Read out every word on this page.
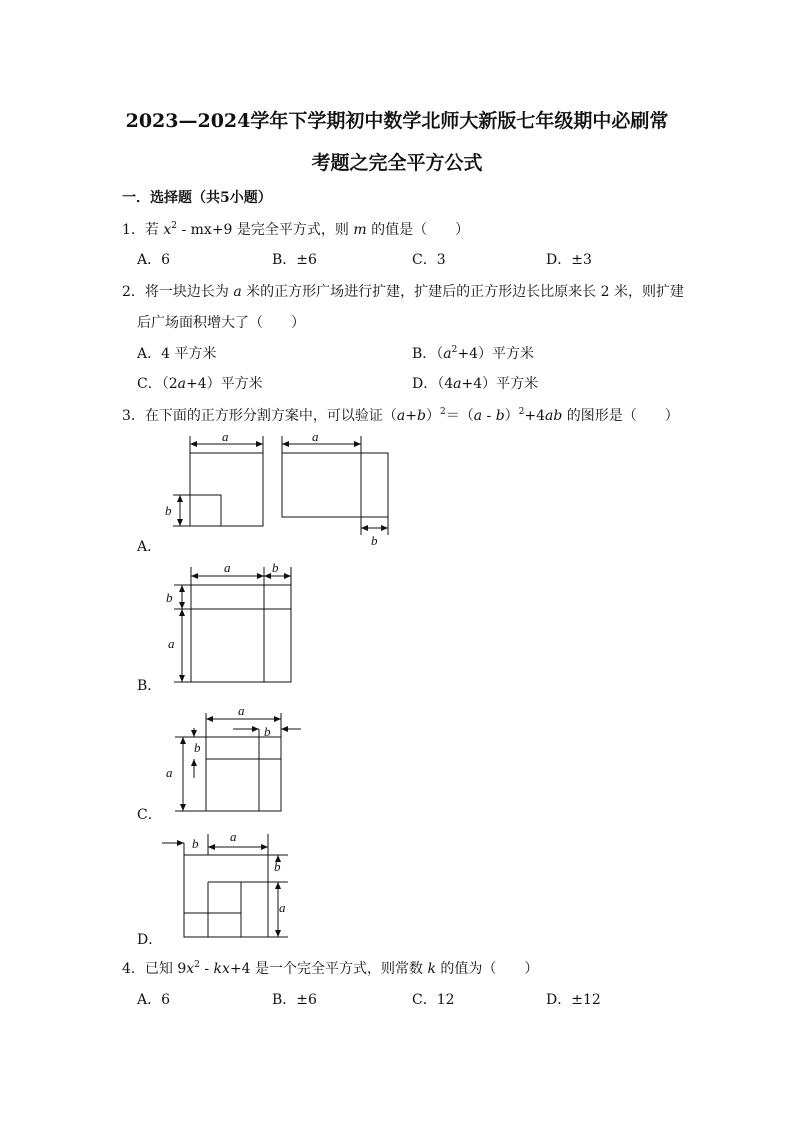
2023—2024学年下学期初中数学北师大新版七年级期中必刷常
考题之完全平方公式
一．选择题（共5小题）
1．若 $x^2 - mx+9$ 是完全平方式，则 m 的值是（　　）
A．6	B．±6	C．3	D．±3
2．将一块边长为 a 米的正方形广场进行扩建，扩建后的正方形边长比原来长 2 米，则扩建
后广场面积增大了（　　）
A．4 平方米	B．$(a^2+4)$平方米
C．（2a+4）平方米	D．（4a+4）平方米
3．在下面的正方形分割方案中，可以验证$(a+b)^2=(a - b)^2+4ab$ 的图形是（　　）
A．
a
b
a
b
B．
a	b
b
a
C．
a
b
b
a
D．
b a
b
a
4．已知 $9x^2 - kx+4$ 是一个完全平方式，则常数 k 的值为（　　）
A．6	B．±6	C．12	D．±12
